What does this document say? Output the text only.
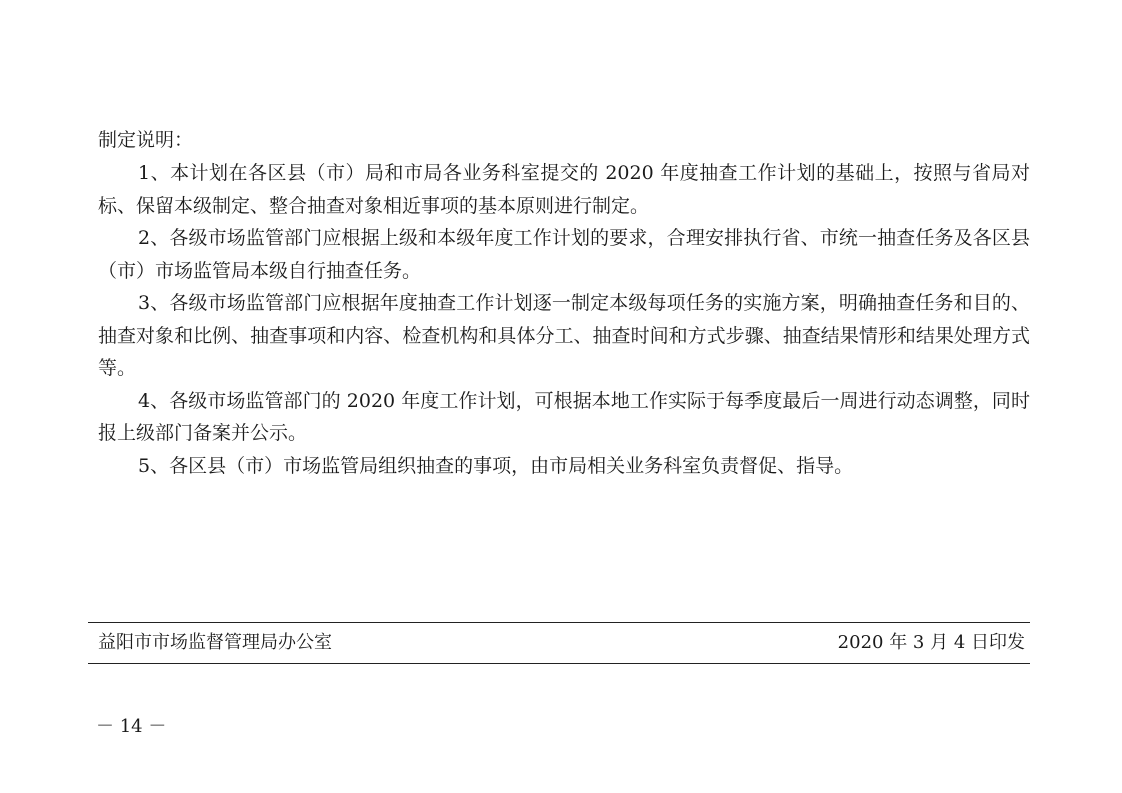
制定说明：

1、本计划在各区县（市）局和市局各业务科室提交的 2020 年度抽查工作计划的基础上，按照与省局对标、保留本级制定、整合抽查对象相近事项的基本原则进行制定。

2、各级市场监管部门应根据上级和本级年度工作计划的要求，合理安排执行省、市统一抽查任务及各区县（市）市场监管局本级自行抽查任务。

3、各级市场监管部门应根据年度抽查工作计划逐一制定本级每项任务的实施方案，明确抽查任务和目的、抽查对象和比例、抽查事项和内容、检查机构和具体分工、抽查时间和方式步骤、抽查结果情形和结果处理方式等。

4、各级市场监管部门的 2020 年度工作计划，可根据本地工作实际于每季度最后一周进行动态调整，同时报上级部门备案并公示。

5、各区县（市）市场监管局组织抽查的事项，由市局相关业务科室负责督促、指导。

益阳市市场监督管理局办公室	2020 年 3 月 4 日印发
－ 14 －
